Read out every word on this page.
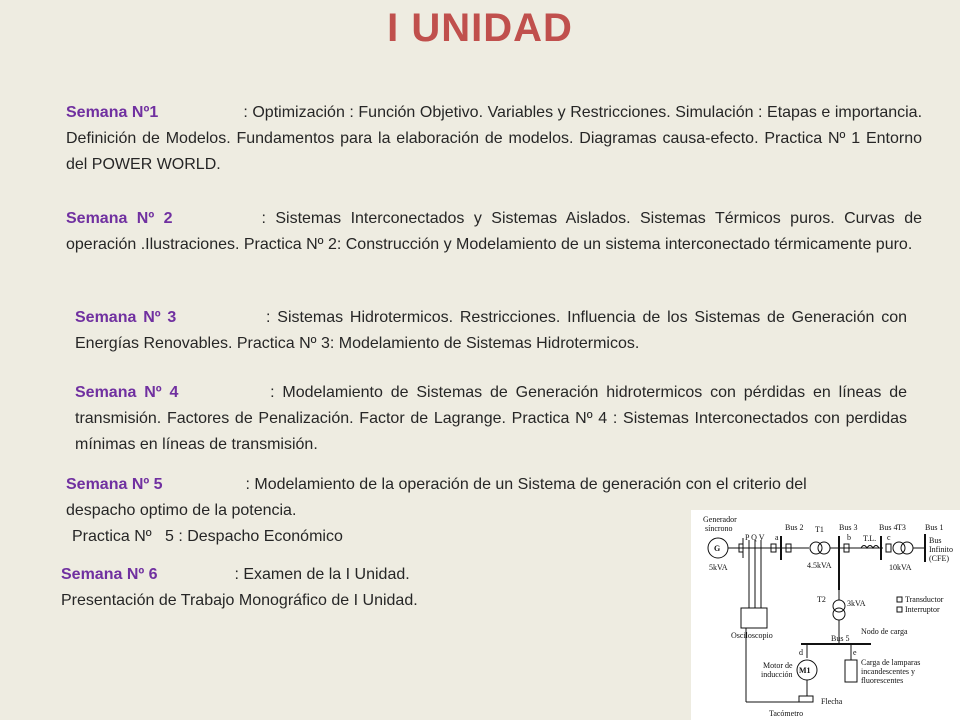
I UNIDAD
Semana Nº1	: Optimización : Función Objetivo. Variables y Restricciones. Simulación : Etapas e importancia. Definición de Modelos. Fundamentos para la elaboración de modelos. Diagramas causa-efecto. Practica Nº 1 Entorno del POWER WORLD.
Semana Nº 2	: Sistemas Interconectados y Sistemas Aislados. Sistemas Térmicos puros. Curvas de operación .Ilustraciones. Practica Nº 2: Construcción y Modelamiento de un sistema interconectado térmicamente puro.
Semana Nº 3	: Sistemas Hidrotermicos. Restricciones. Influencia de los Sistemas de Generación con Energías Renovables. Practica Nº 3: Modelamiento de Sistemas Hidrotermicos.
Semana Nº 4	: Modelamiento de Sistemas de Generación hidrotermicos con pérdidas en líneas de transmisión. Factores de Penalización. Factor de Lagrange. Practica Nº 4 : Sistemas Interconectados con perdidas mínimas en líneas de transmisión.
Semana Nº 5	: Modelamiento de la operación de un Sistema de generación con el criterio del despacho optimo de la potencia.
Practica Nº   5 : Despacho Económico
Semana Nº 6	: Examen de la I Unidad.
Presentación de Trabajo Monográfico de I Unidad.
Generador
síncrono
G
5kVA
P Q V a
Bus 2 T1
4.5kVA
Bus 3
b T.L.
Bus 4
c
T3 Bus 1
Bus
Infinito
(CFE)
10kVA
T2	3kVA	Transductor
Interruptor
Osciloscopio	Bus 5
Nodo de carga
d	e
Motor de
inducción M1
Carga de lamparas
incandescentes y
fluorescentes
Flecha
Tacómetro
